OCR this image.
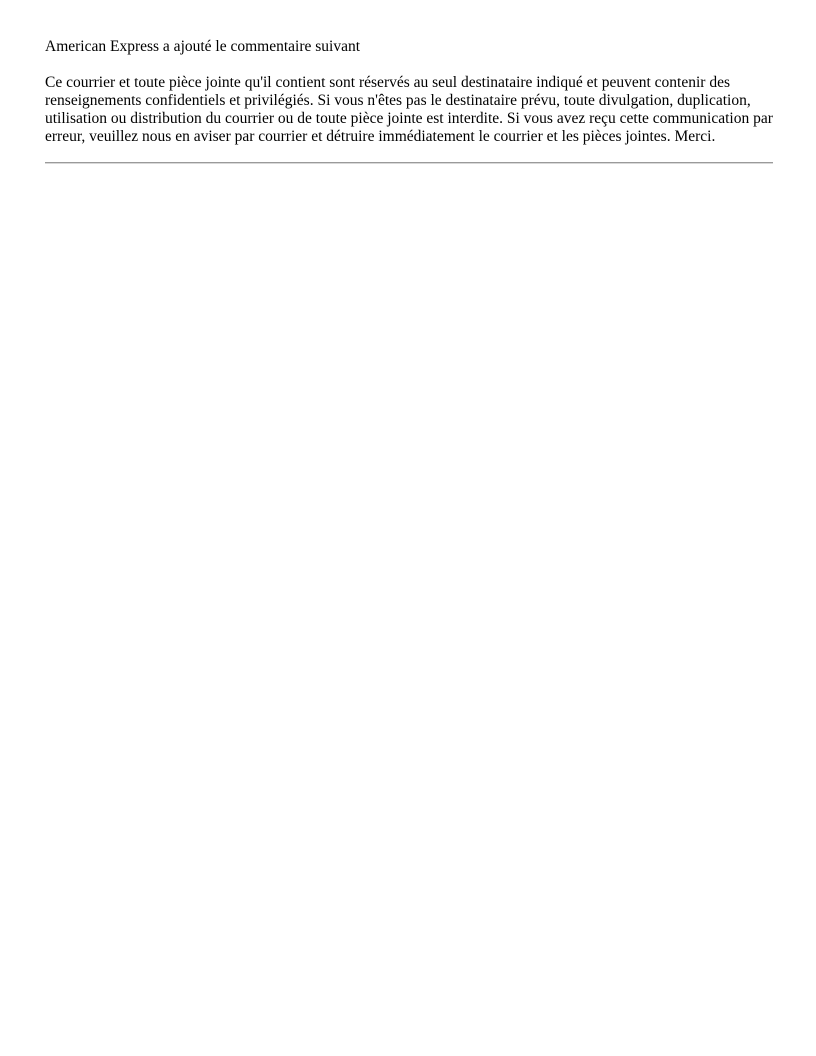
American Express a ajouté le commentaire suivant

Ce courrier et toute pièce jointe qu'il contient sont réservés au seul destinataire indiqué et peuvent contenir des renseignements confidentiels et privilégiés. Si vous n'êtes pas le destinataire prévu, toute divulgation, duplication, utilisation ou distribution du courrier ou de toute pièce jointe est interdite. Si vous avez reçu cette communication par erreur, veuillez nous en aviser par courrier et détruire immédiatement le courrier et les pièces jointes. Merci.
